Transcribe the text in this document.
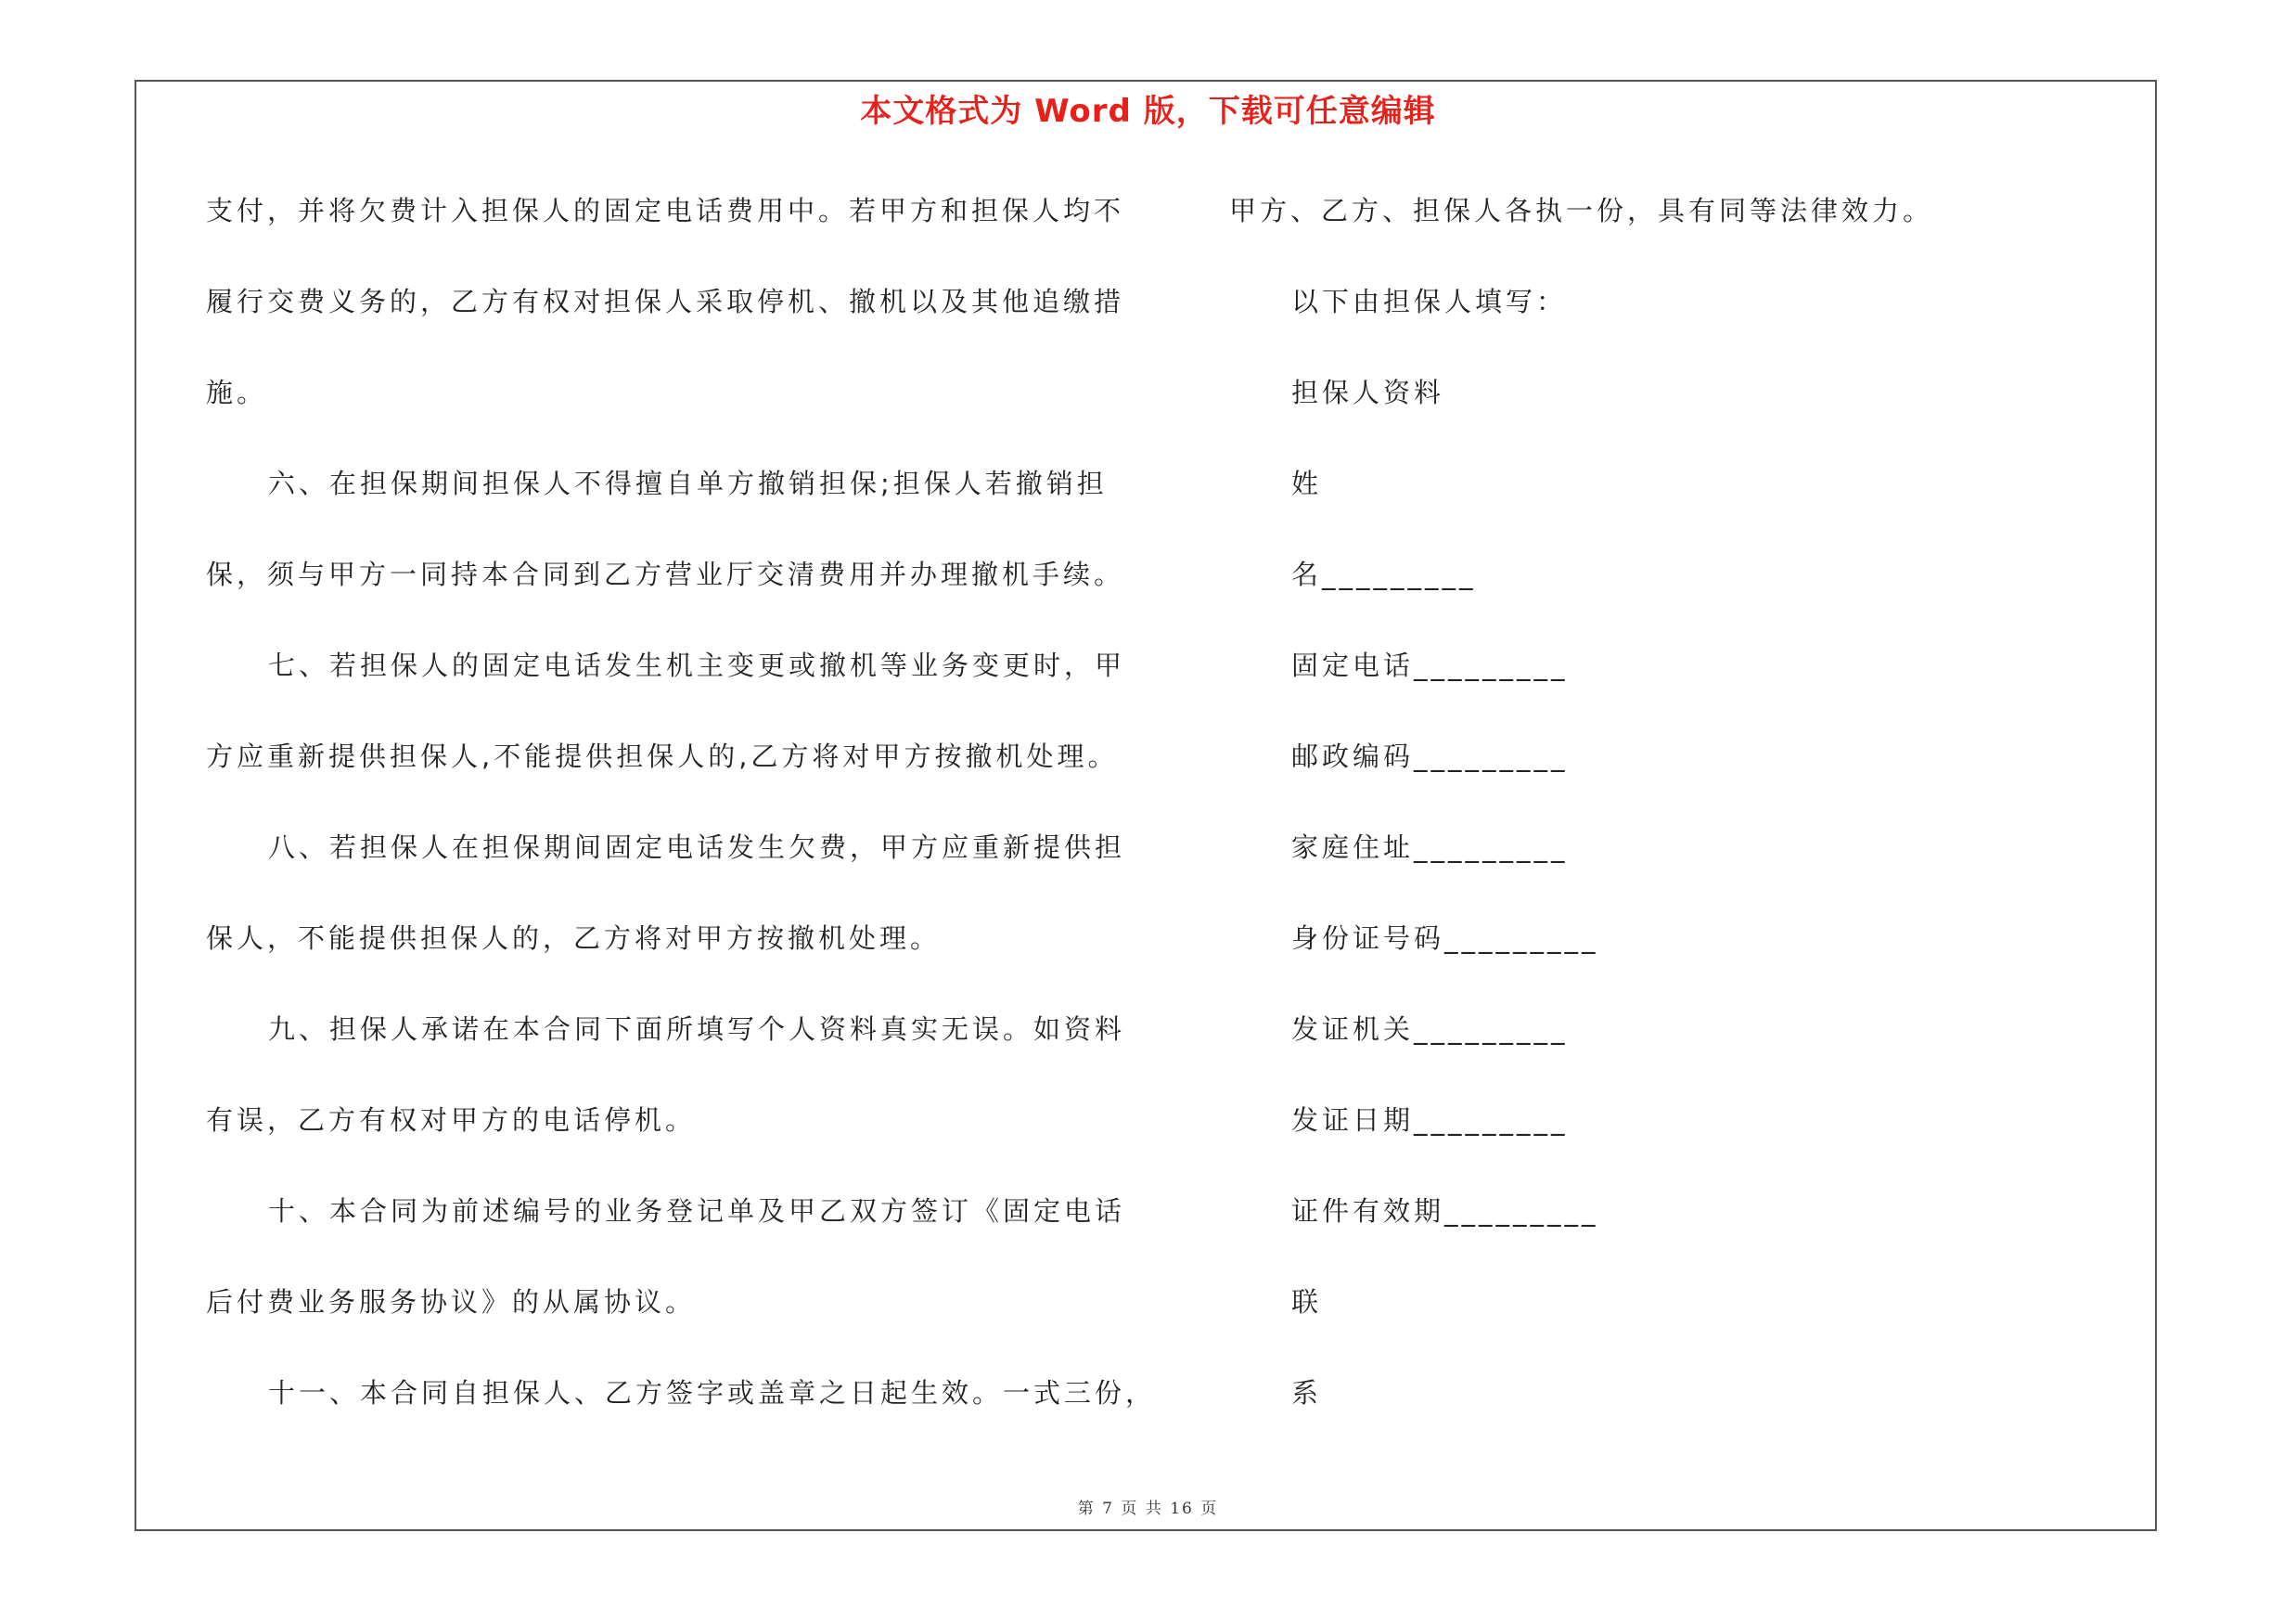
本文格式为 Word 版，下载可任意编辑
支付，并将欠费计入担保人的固定电话费用中。若甲方和担保人均不
履行交费义务的，乙方有权对担保人采取停机、撤机以及其他追缴措
施。
六、在担保期间担保人不得擅自单方撤销担保;担保人若撤销担
保，须与甲方一同持本合同到乙方营业厅交清费用并办理撤机手续。
七、若担保人的固定电话发生机主变更或撤机等业务变更时，甲
方应重新提供担保人,不能提供担保人的,乙方将对甲方按撤机处理。
八、若担保人在担保期间固定电话发生欠费，甲方应重新提供担
保人，不能提供担保人的，乙方将对甲方按撤机处理。
九、担保人承诺在本合同下面所填写个人资料真实无误。如资料
有误，乙方有权对甲方的电话停机。
十、本合同为前述编号的业务登记单及甲乙双方签订《固定电话
后付费业务服务协议》的从属协议。
十一、本合同自担保人、乙方签字或盖章之日起生效。一式三份，
甲方、乙方、担保人各执一份，具有同等法律效力。
以下由担保人填写：
担保人资料
姓
名_________
固定电话_________
邮政编码_________
家庭住址_________
身份证号码_________
发证机关_________
发证日期_________
证件有效期_________
联
系
第 7 页 共 16 页
